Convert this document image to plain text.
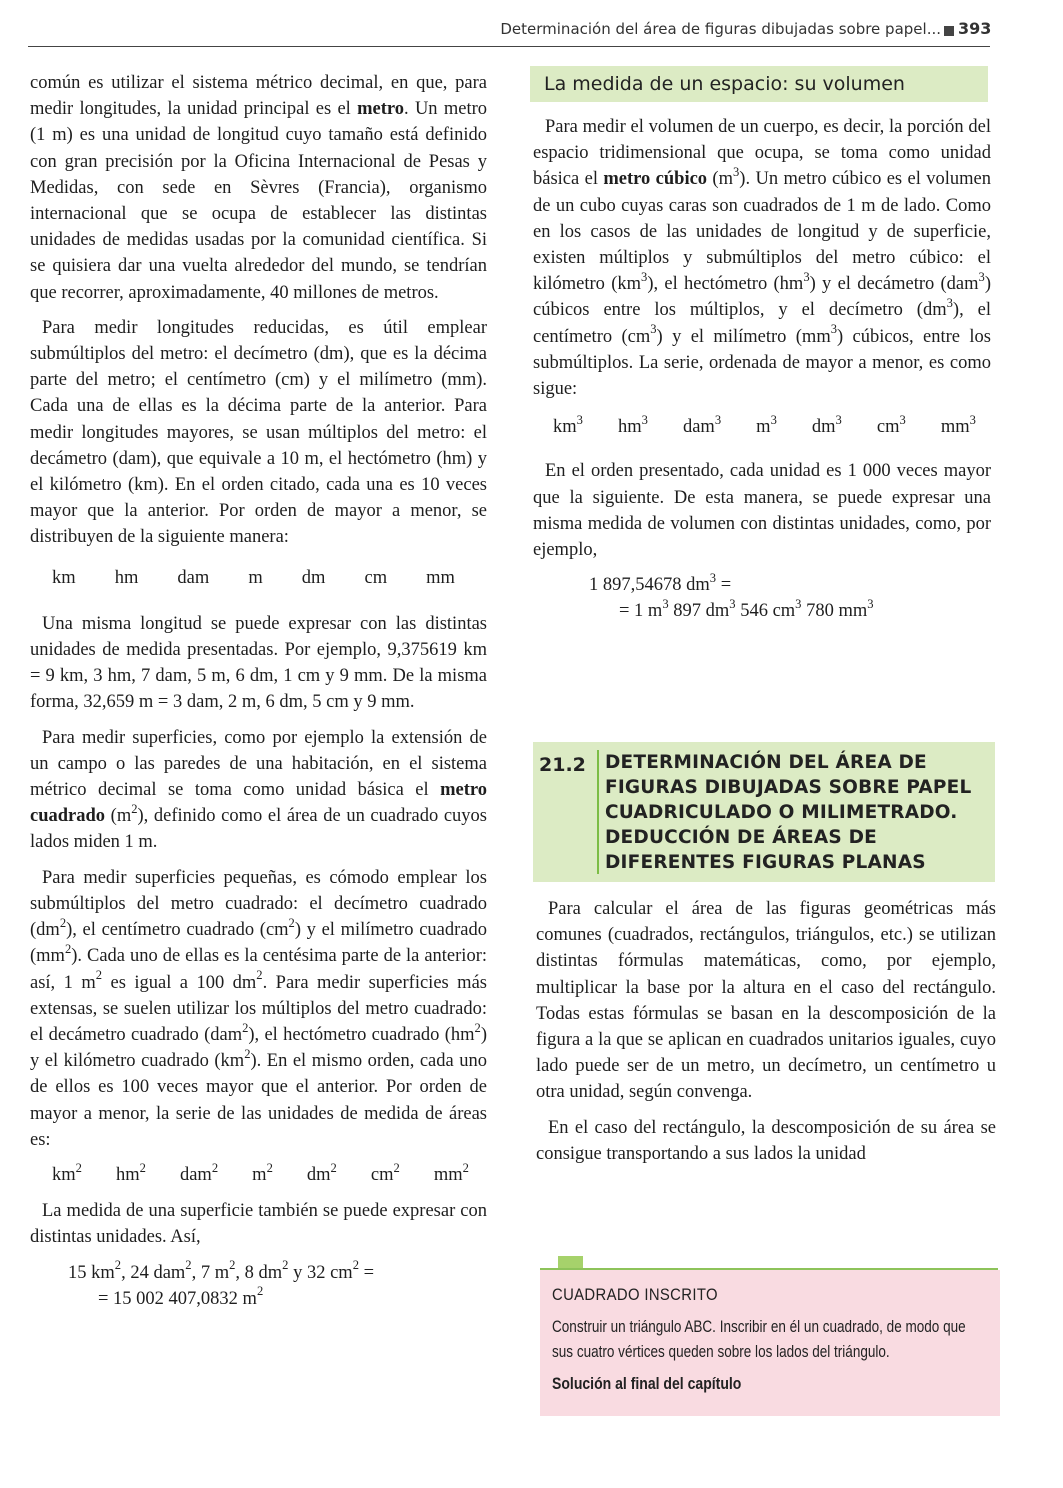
Determinación del área de figuras dibujadas sobre papel... 393

común es utilizar el sistema métrico decimal, en que, para medir longitudes, la unidad principal es el metro. Un metro (1 m) es una unidad de longitud cuyo tamaño está definido con gran precisión por la Oficina Internacional de Pesas y Medidas, con sede en Sèvres (Francia), organismo internacional que se ocupa de establecer las distintas unidades de medidas usadas por la comunidad científica. Si se quisiera dar una vuelta alrededor del mundo, se tendrían que recorrer, aproximadamente, 40 millones de metros.

Para medir longitudes reducidas, es útil emplear submúltiplos del metro: el decímetro (dm), que es la décima parte del metro; el centímetro (cm) y el milímetro (mm). Cada una de ellas es la décima parte de la anterior. Para medir longitudes mayores, se usan múltiplos del metro: el decámetro (dam), que equivale a 10 m, el hectómetro (hm) y el kilómetro (km). En el orden citado, cada una es 10 veces mayor que la anterior. Por orden de mayor a menor, se distribuyen de la siguiente manera:

km hm dam m dm cm mm

Una misma longitud se puede expresar con las distintas unidades de medida presentadas. Por ejemplo, 9,375619 km = 9 km, 3 hm, 7 dam, 5 m, 6 dm, 1 cm y 9 mm. De la misma forma, 32,659 m = 3 dam, 2 m, 6 dm, 5 cm y 9 mm.

Para medir superficies, como por ejemplo la extensión de un campo o las paredes de una habitación, en el sistema métrico decimal se toma como unidad básica el metro cuadrado $(m^2)$, definido como el área de un cuadrado cuyos lados miden 1 m.

Para medir superficies pequeñas, es cómodo emplear los submúltiplos del metro cuadrado: el decímetro cuadrado $(dm^2)$, el centímetro cuadrado $(cm^2)$ y el milímetro cuadrado $(mm^2)$. Cada uno de ellas es la centésima parte de la anterior: así, 1 $m^2$ es igual a 100 $dm^2$. Para medir superficies más extensas, se suelen utilizar los múltiplos del metro cuadrado: el decámetro cuadrado (dam$^2$), el hectómetro cuadrado $(hm^2)$ y el kilómetro cuadrado $(km^2)$. En el mismo orden, cada uno de ellos es 100 veces mayor que el anterior. Por orden de mayor a menor, la serie de las unidades de medida de áreas es:

$km^2$ $hm^2$ dam$^2$ $m^2$ $dm^2$ $cm^2$ $mm^2$

La medida de una superficie también se puede expresar con distintas unidades. Así,

15 $km^2$, 24 dam$^2$, 7 $m^2$, 8 $dm^2$ y 32 $cm^2$ =
= 15 002 407,0832 $m^2$
La medida de un espacio: su volumen

Para medir el volumen de un cuerpo, es decir, la porción del espacio tridimensional que ocupa, se toma como unidad básica el metro cúbico $(m^3)$. Un metro cúbico es el volumen de un cubo cuyas caras son cuadrados de 1 m de lado. Como en los casos de las unidades de longitud y de superficie, existen múltiplos y submúltiplos del metro cúbico: el kilómetro $(km^3)$, el hectómetro $(hm^3)$ y el decámetro (dam$^3$) cúbicos entre los múltiplos, y el decímetro $(dm^3)$, el centímetro $(cm^3)$ y el milímetro $(mm^3)$ cúbicos, entre los submúltiplos. La serie, ordenada de mayor a menor, es como sigue:

$km^3$ $hm^3$ dam$^3$ $m^3$ $dm^3$ $cm^3$ $mm^3$

En el orden presentado, cada unidad es 1 000 veces mayor que la siguiente. De esta manera, se puede expresar una misma medida de volumen con distintas unidades, como, por ejemplo,

1 897,54678 $dm^3$ =
= 1 $m^3$ 897 $dm^3$ 546 $cm^3$ 780 $mm^3$
21.2	DETERMINACIÓN DEL ÁREA DE FIGURAS DIBUJADAS SOBRE PAPEL CUADRICULADO O MILIMETRADO. DEDUCCIÓN DE ÁREAS DE DIFERENTES FIGURAS PLANAS

Para calcular el área de las figuras geométricas más comunes (cuadrados, rectángulos, triángulos, etc.) se utilizan distintas fórmulas matemáticas, como, por ejemplo, multiplicar la base por la altura en el caso del rectángulo. Todas estas fórmulas se basan en la descomposición de la figura a la que se aplican en cuadrados unitarios iguales, cuyo lado puede ser de un metro, un decímetro, un centímetro u otra unidad, según convenga.

En el caso del rectángulo, la descomposición de su área se consigue transportando a sus lados la unidad

CUADRADO INSCRITO
Construir un triángulo ABC. Inscribir en él un cuadrado, de modo que sus cuatro vértices queden sobre los lados del triángulo.
Solución al final del capítulo
